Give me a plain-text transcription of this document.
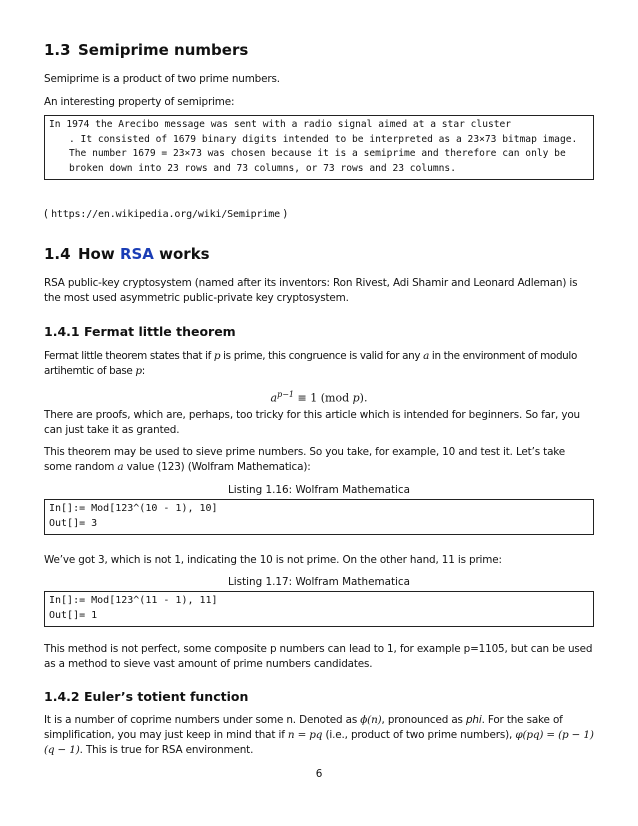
1.3 Semiprime numbers

Semiprime is a product of two prime numbers.

An interesting property of semiprime:

In 1974 the Arecibo message was sent with a radio signal aimed at a star cluster
. It consisted of 1679 binary digits intended to be interpreted as a 23×73 bitmap image. The number 1679 = 23×73 was chosen because it is a semiprime and therefore can only be broken down into 23 rows and 73 columns, or 73 rows and 23 columns.

( https://en.wikipedia.org/wiki/Semiprime )

1.4 How RSA works

RSA public-key cryptosystem (named after its inventors: Ron Rivest, Adi Shamir and Leonard Adleman) is the most used asymmetric public-private key cryptosystem.

1.4.1 Fermat little theorem

Fermat little theorem states that if p is prime, this congruence is valid for any a in the environment of modulo artihemtic of base p:

$a^{p-1} \equiv 1$ (mod p).

There are proofs, which are, perhaps, too tricky for this article which is intended for beginners. So far, you can just take it as granted.

This theorem may be used to sieve prime numbers. So you take, for example, 10 and test it. Let’s take some random a value (123) (Wolfram Mathematica):

Listing 1.16: Wolfram Mathematica
In[]:= Mod[123^(10 - 1), 10]
Out[]= 3

We’ve got 3, which is not 1, indicating the 10 is not prime. On the other hand, 11 is prime:

Listing 1.17: Wolfram Mathematica
In[]:= Mod[123^(11 - 1), 11]
Out[]= 1

This method is not perfect, some composite p numbers can lead to 1, for example p=1105, but can be used as a method to sieve vast amount of prime numbers candidates.

1.4.2 Euler’s totient function

It is a number of coprime numbers under some n. Denoted as ϕ(n), pronounced as phi. For the sake of simplification, you may just keep in mind that if n = pq (i.e., product of two prime numbers), φ(pq) = (p − 1)(q − 1). This is true for RSA environment.

6
